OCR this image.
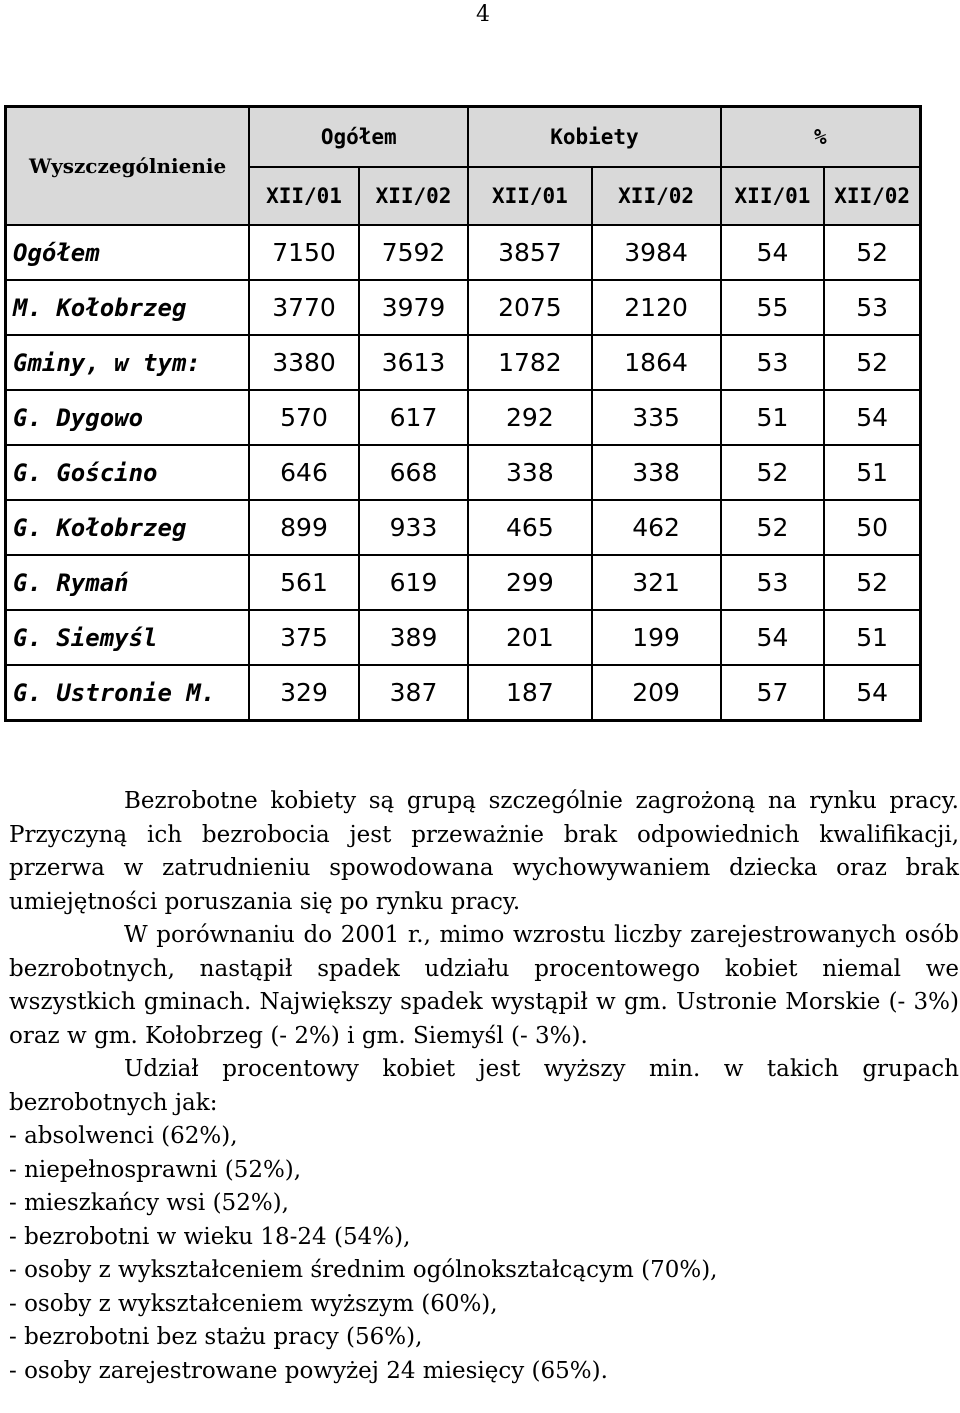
4
Wyszczególnienie	Ogółem		Kobiety		%	
	XII/01	XII/02	XII/01	XII/02	XII/01	XII/02
Ogółem	7150	7592	3857	3984	54	52
M. Kołobrzeg	3770	3979	2075	2120	55	53
Gminy, w tym:	3380	3613	1782	1864	53	52
G. Dygowo	570	617	292	335	51	54
G. Gościno	646	668	338	338	52	51
G. Kołobrzeg	899	933	465	462	52	50
G. Rymań	561	619	299	321	53	52
G. Siemyśl	375	389	201	199	54	51
G. Ustronie M.	329	387	187	209	57	54

Bezrobotne kobiety są grupą szczególnie zagrożoną na rynku pracy. Przyczyną ich bezrobocia jest przeważnie brak odpowiednich kwalifikacji, przerwa w zatrudnieniu spowodowana wychowywaniem dziecka oraz brak umiejętności poruszania się po rynku pracy.

W porównaniu do 2001 r., mimo wzrostu liczby zarejestrowanych osób bezrobotnych, nastąpił spadek udziału procentowego kobiet niemal we wszystkich gminach. Największy spadek wystąpił w gm. Ustronie Morskie (- 3%) oraz w gm. Kołobrzeg (- 2%) i gm. Siemyśl (- 3%).

Udział procentowy kobiet jest wyższy min. w takich grupach bezrobotnych jak:

- absolwenci (62%),
- niepełnosprawni (52%),
- mieszkańcy wsi (52%),
- bezrobotni w wieku 18-24 (54%),
- osoby z wykształceniem średnim ogólnokształcącym (70%),
- osoby z wykształceniem wyższym (60%),
- bezrobotni bez stażu pracy (56%),
- osoby zarejestrowane powyżej 24 miesięcy (65%).
